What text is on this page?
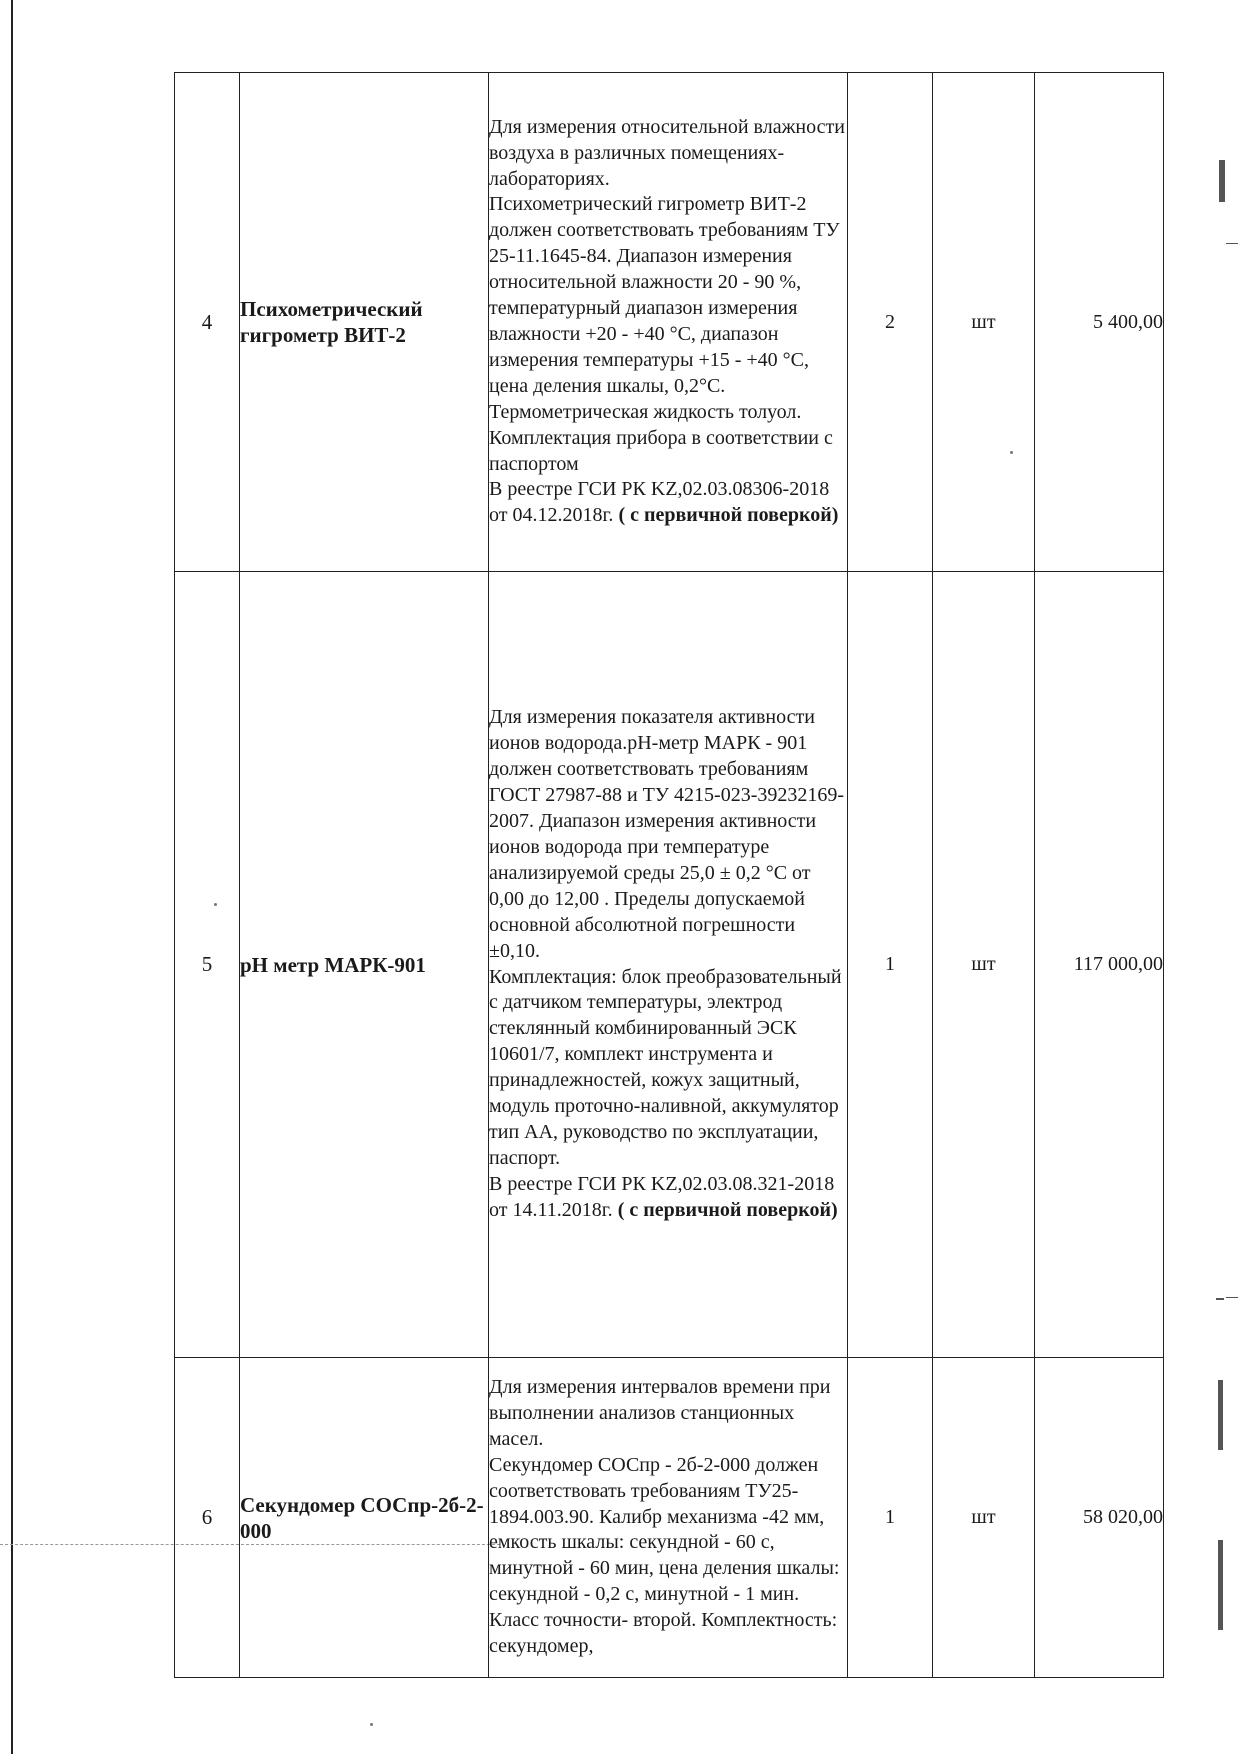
4	Психометрический гигрометр ВИТ-2	Для измерения относительной влажности воздуха в различных помещениях-лабораториях.
Психометрический гигрометр ВИТ-2 должен соответствовать требованиям ТУ 25-11.1645-84. Диапазон измерения относительной влажности 20 - 90 %, температурный диапазон измерения влажности +20 - +40 °С, диапазон измерения температуры +15 - +40 °С, цена деления шкалы, 0,2°С. Термометрическая жидкость толуол.
Комплектация прибора в соответствии с паспортом
В реестре ГСИ РК KZ,02.03.08306-2018 от 04.12.2018г. ( с первичной поверкой)	2	шт	5 400,00
5	pH метр МАРК-901	Для измерения показателя активности ионов водорода.pH-метр МАРК - 901 должен соответствовать требованиям ГОСТ 27987-88 и ТУ 4215-023-39232169-2007. Диапазон измерения активности ионов водорода при температуре анализируемой среды 25,0 ± 0,2 °С от 0,00 до 12,00 . Пределы допускаемой основной абсолютной погрешности ±0,10.
Комплектация: блок преобразовательный с датчиком температуры, электрод стеклянный комбинированный ЭСК 10601/7, комплект инструмента и принадлежностей, кожух защитный, модуль проточно-наливной, аккумулятор тип АА, руководство по эксплуатации, паспорт.
В реестре ГСИ РК KZ,02.03.08.321-2018 от 14.11.2018г. ( с первичной поверкой)	1	шт	117 000,00
6	Секундомер СОСпр-2б-2-000	Для измерения интервалов времени при выполнении анализов станционных масел.
Секундомер СОСпр - 2б-2-000 должен соответствовать требованиям ТУ25-1894.003.90. Калибр механизма -42 мм, емкость шкалы: секундной - 60 с, минутной - 60 мин, цена деления шкалы: секундной - 0,2 с, минутной - 1 мин. Класс точности- второй. Комплектность: секундомер,	1	шт	58 020,00
